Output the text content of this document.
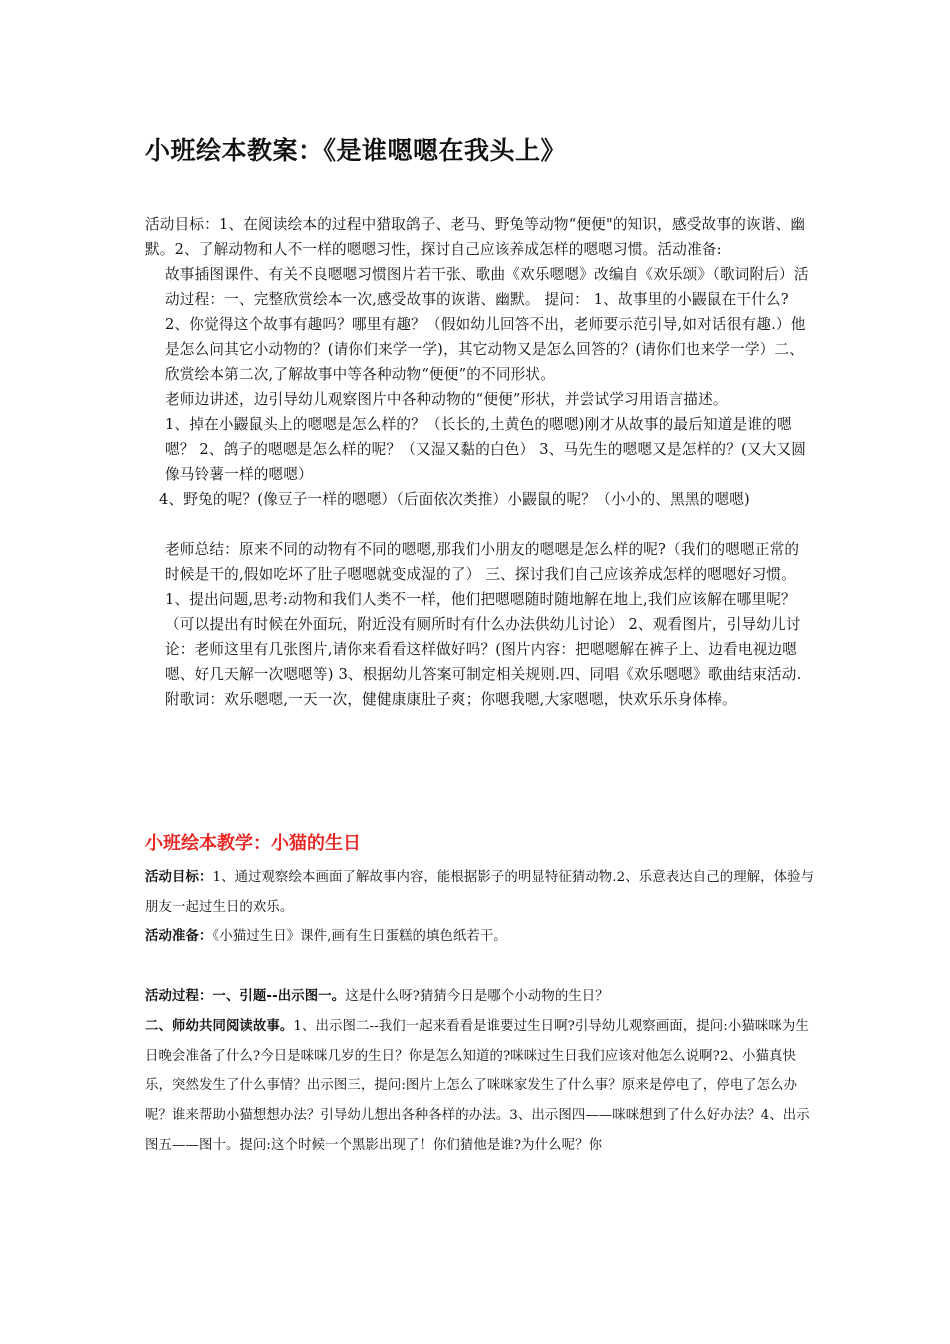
小班绘本教案：《是谁嗯嗯在我头上》

活动目标：1、在阅读绘本的过程中猎取鸽子、老马、野兔等动物“便便"的知识，感受故事的诙谐、幽默。2、了解动物和人不一样的嗯嗯习性，探讨自己应该养成怎样的嗯嗯习惯。活动准备:

故事插图课件、有关不良嗯嗯习惯图片若干张、歌曲《欢乐嗯嗯》改编自《欢乐颂》（歌词附后）活动过程：一、完整欣赏绘本一次,感受故事的诙谐、幽默。 提问： 1、故事里的小鼹鼠在干什么?

2、你觉得这个故事有趣吗？哪里有趣？（假如幼儿回答不出，老师要示范引导,如对话很有趣.）他是怎么问其它小动物的？(请你们来学一学)，其它动物又是怎么回答的？(请你们也来学一学）二、欣赏绘本第二次,了解故事中等各种动物“便便”的不同形状。

老师边讲述，边引导幼儿观察图片中各种动物的“便便”形状，并尝试学习用语言描述。

1、掉在小鼹鼠头上的嗯嗯是怎么样的？（长长的,土黄色的嗯嗯)刚才从故事的最后知道是谁的嗯嗯？ 2、鸽子的嗯嗯是怎么样的呢？（又湿又黏的白色） 3、马先生的嗯嗯又是怎样的？(又大又圆像马铃薯一样的嗯嗯）

4、野兔的呢？(像豆子一样的嗯嗯）（后面依次类推）小鼹鼠的呢？（小小的、黑黑的嗯嗯)

老师总结：原来不同的动物有不同的嗯嗯,那我们小朋友的嗯嗯是怎么样的呢?（我们的嗯嗯正常的时候是干的,假如吃坏了肚子嗯嗯就变成湿的了） 三、探讨我们自己应该养成怎样的嗯嗯好习惯。

1、提出问题,思考:动物和我们人类不一样，他们把嗯嗯随时随地解在地上,我们应该解在哪里呢？（可以提出有时候在外面玩，附近没有厕所时有什么办法供幼儿讨论） 2、观看图片，引导幼儿讨论：老师这里有几张图片,请你来看看这样做好吗？(图片内容：把嗯嗯解在裤子上、边看电视边嗯嗯、好几天解一次嗯嗯等) 3、根据幼儿答案可制定相关规则.四、同唱《欢乐嗯嗯》歌曲结束活动.附歌词：欢乐嗯嗯,一天一次，健健康康肚子爽；你嗯我嗯,大家嗯嗯，快欢乐乐身体棒。

小班绘本教学：小猫的生日

活动目标：1、通过观察绘本画面了解故事内容，能根据影子的明显特征猜动物.2、乐意表达自己的理解，体验与朋友一起过生日的欢乐。

活动准备：《小猫过生日》课件,画有生日蛋糕的填色纸若干。

活动过程：一、引题--出示图一。这是什么呀?猜猜今日是哪个小动物的生日？

二、师幼共同阅读故事。1、出示图二--我们一起来看看是谁要过生日啊?引导幼儿观察画面，提问:小猫咪咪为生日晚会准备了什么?今日是咪咪几岁的生日？你是怎么知道的?咪咪过生日我们应该对他怎么说啊?2、小猫真快乐，突然发生了什么事情？出示图三，提问:图片上怎么了咪咪家发生了什么事？原来是停电了，停电了怎么办呢？谁来帮助小猫想想办法？引导幼儿想出各种各样的办法。3、出示图四——咪咪想到了什么好办法？4、出示图五——图十。提问:这个时候一个黑影出现了！你们猜他是谁?为什么呢？你
